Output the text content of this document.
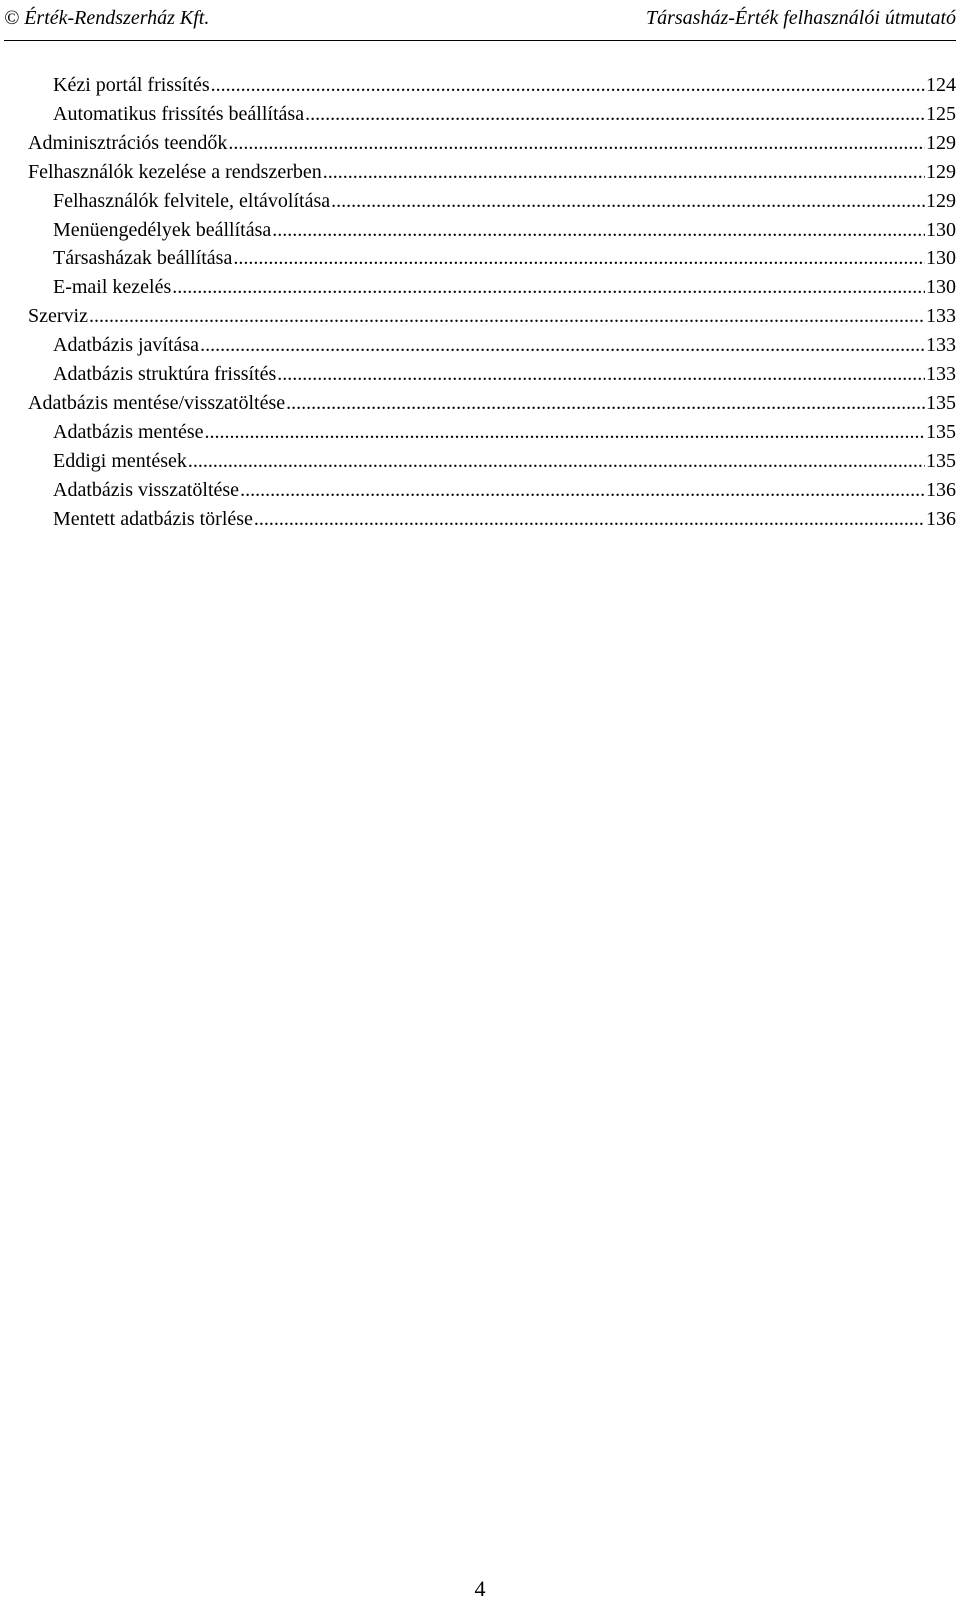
© Érték-Rendszerház Kft.	Társasház-Érték felhasználói útmutató
Kézi portál frissítés .....	124
Automatikus frissítés beállítása .....	125
Adminisztrációs teendők .....	129
Felhasználók kezelése a rendszerben .....	129
Felhasználók felvitele, eltávolítása .....	129
Menüengedélyek beállítása .....	130
Társasházak beállítása .....	130
E-mail kezelés .....	130
Szerviz .....	133
Adatbázis javítása .....	133
Adatbázis struktúra frissítés .....	133
Adatbázis mentése/visszatöltése .....	135
Adatbázis mentése .....	135
Eddigi mentések .....	135
Adatbázis visszatöltése .....	136
Mentett adatbázis törlése .....	136
4
